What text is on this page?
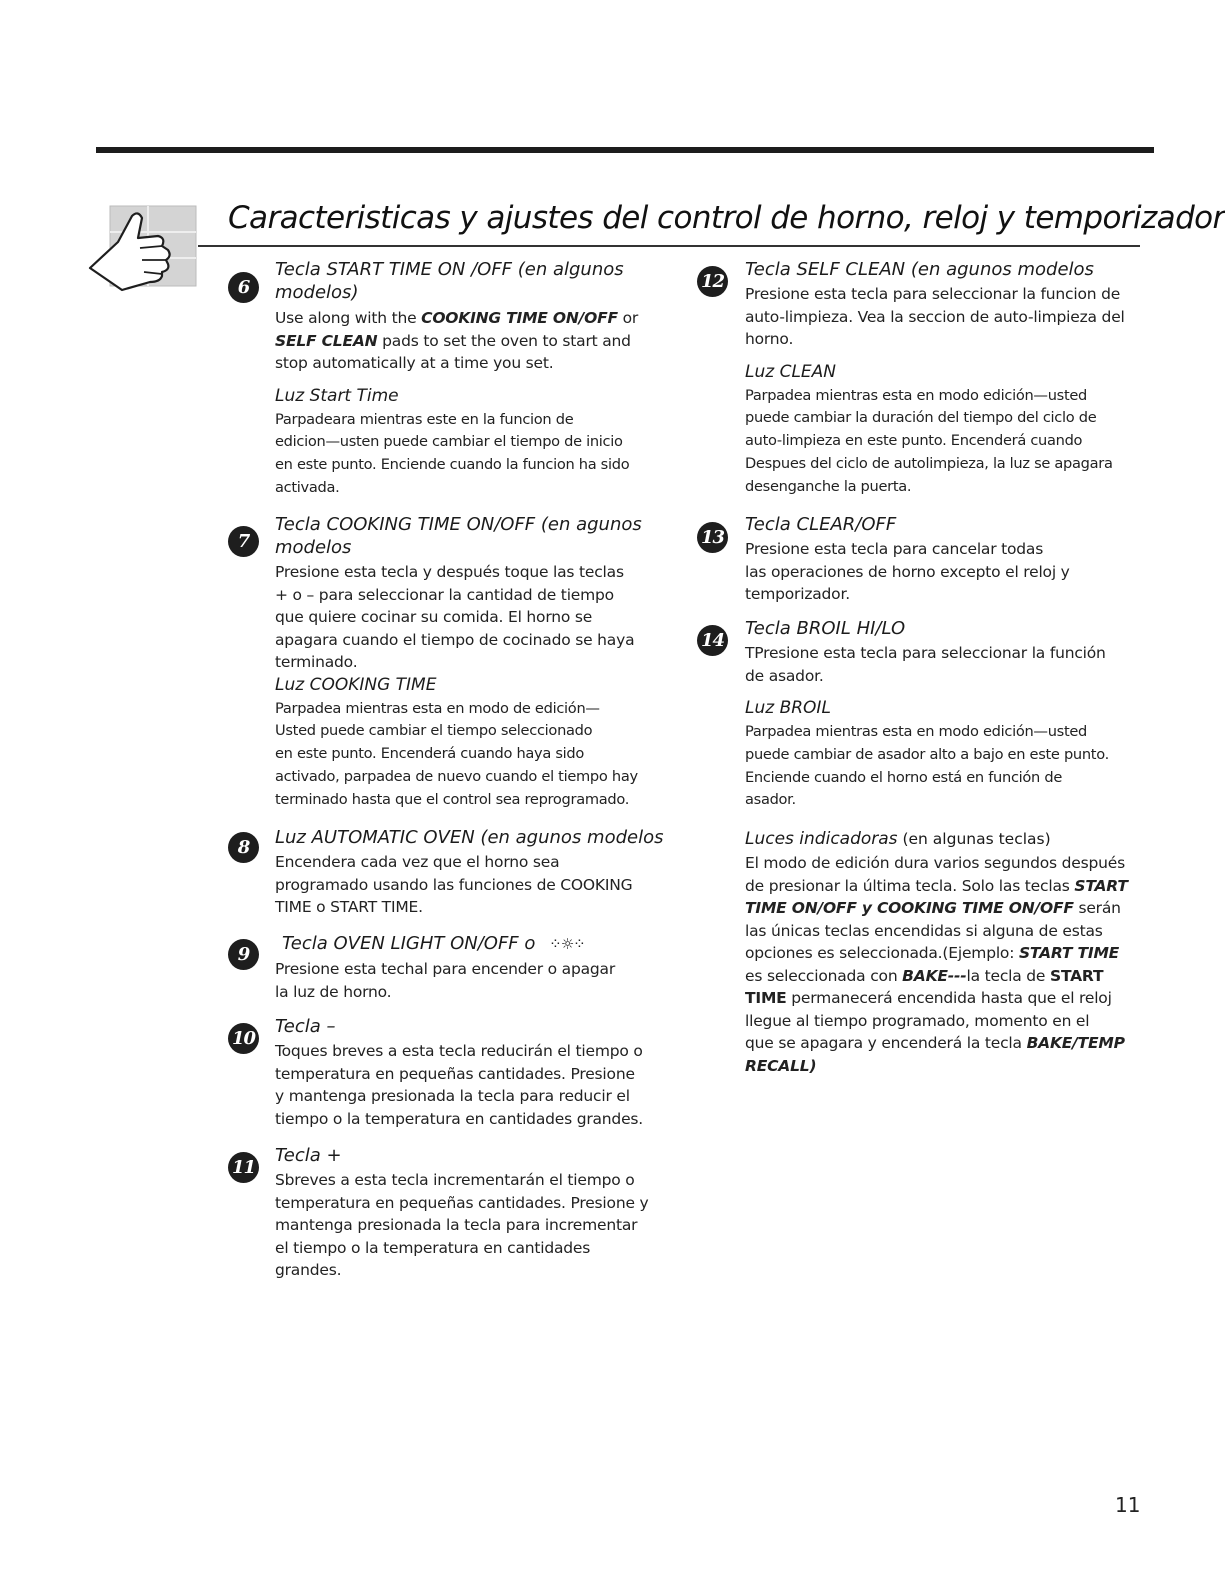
Caracteristicas y ajustes del control de horno, reloj y temporizador
6
Tecla START TIME ON /OFF (en algunos
modelos)
Use along with the COOKING TIME ON/OFF or
SELF CLEAN pads to set the oven to start and
stop automatically at a time you set.
Luz Start Time
Parpadeara mientras este en la funcion de
edicion—usten puede cambiar el tiempo de inicio
en este punto. Enciende cuando la funcion ha sido
activada.
7
Tecla COOKING TIME ON/OFF (en agunos
modelos
Presione esta tecla y después toque las teclas
+ o – para seleccionar la cantidad de tiempo
que quiere cocinar su comida. El horno se
apagara cuando el tiempo de cocinado se haya
terminado.
Luz COOKING TIME
Parpadea mientras esta en modo de edición—
Usted puede cambiar el tiempo seleccionado
en este punto. Encenderá cuando haya sido
activado, parpadea de nuevo cuando el tiempo hay
terminado hasta que el control sea reprogramado.
8	Luz AUTOMATIC OVEN (en agunos modelos
Encendera cada vez que el horno sea
programado usando las funciones de COOKING
TIME o START TIME.
9
Tecla OVEN LIGHT ON/OFF o ⁘☼⁘
Presione esta techal para encender o apagar
la luz de horno.
10
Tecla –
Toques breves a esta tecla reducirán el tiempo o
temperatura en pequeñas cantidades. Presione
y mantenga presionada la tecla para reducir el
tiempo o la temperatura en cantidades grandes.
11
Tecla +
Sbreves a esta tecla incrementarán el tiempo o
temperatura en pequeñas cantidades. Presione y
mantenga presionada la tecla para incrementar
el tiempo o la temperatura en cantidades
grandes.
12
Tecla SELF CLEAN (en agunos modelos
Presione esta tecla para seleccionar la funcion de
auto-limpieza. Vea la seccion de auto-limpieza del
horno.
Luz CLEAN
Parpadea mientras esta en modo edición—usted
puede cambiar la duración del tiempo del ciclo de
auto-limpieza en este punto. Encenderá cuando
Despues del ciclo de autolimpieza, la luz se apagara
desenganche la puerta.
13
Tecla CLEAR/OFF
Presione esta tecla para cancelar todas
las operaciones de horno excepto el reloj y
temporizador.
14
Tecla BROIL HI/LO
TPresione esta tecla para seleccionar la función
de asador.
Luz BROIL
Parpadea mientras esta en modo edición—usted
puede cambiar de asador alto a bajo en este punto.
Enciende cuando el horno está en función de
asador.
Luces indicadoras (en algunas teclas)
El modo de edición dura varios segundos después
de presionar la última tecla. Solo las teclas START
TIME ON/OFF y COOKING TIME ON/OFF serán
las únicas teclas encendidas si alguna de estas
opciones es seleccionada.(Ejemplo: START TIME
es seleccionada con BAKE---la tecla de START
TIME permanecerá encendida hasta que el reloj
llegue al tiempo programado, momento en el
que se apagara y encenderá la tecla BAKE/TEMP
RECALL)
11
